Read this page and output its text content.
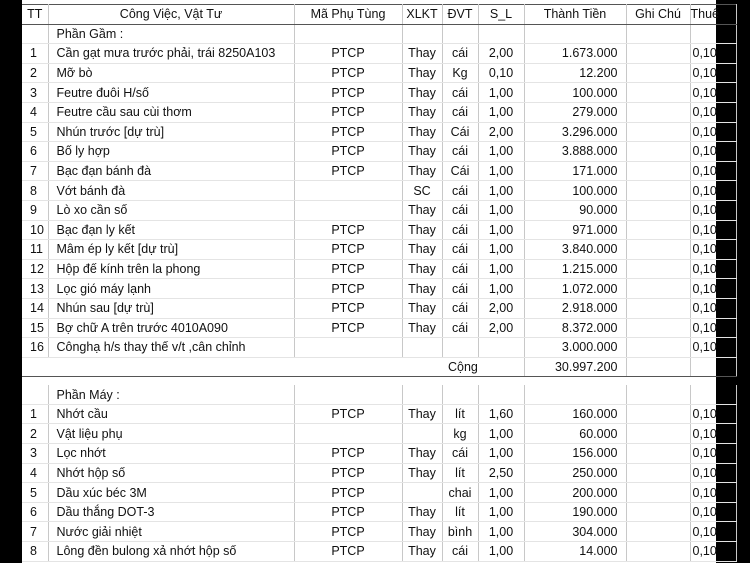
TT	Công Việc, Vật Tư	Mã Phụ Tùng	XLKT	ĐVT	S_L	Thành Tiền	Ghi Chú	Thuế
	Phần Gầm :							
1	Cần gạt mưa trước phải, trái 8250A103	PTCP	Thay	cái	2,00	1.673.000		0,10
2	Mỡ bò	PTCP	Thay	Kg	0,10	12.200		0,10
3	Feutre đuôi H/số	PTCP	Thay	cái	1,00	100.000		0,10
4	Feutre cầu sau cùi thơm	PTCP	Thay	cái	1,00	279.000		0,10
5	Nhún trước [dự trù]	PTCP	Thay	Cái	2,00	3.296.000		0,10
6	Bố ly hợp	PTCP	Thay	cái	1,00	3.888.000		0,10
7	Bạc đạn bánh đà	PTCP	Thay	Cái	1,00	171.000		0,10
8	Vớt bánh đà		SC	cái	1,00	100.000		0,10
9	Lò xo cần số		Thay	cái	1,00	90.000		0,10
10	Bạc đạn ly kết	PTCP	Thay	cái	1,00	971.000		0,10
11	Mâm ép ly kết [dự trù]	PTCP	Thay	cái	1,00	3.840.000		0,10
12	Hộp đế kính trên la phong	PTCP	Thay	cái	1,00	1.215.000		0,10
13	Lọc gió máy lạnh	PTCP	Thay	cái	1,00	1.072.000		0,10
14	Nhún sau [dự trù]	PTCP	Thay	cái	2,00	2.918.000		0,10
15	Bợ chữ A trên trước 4010A090	PTCP	Thay	cái	2,00	8.372.000		0,10
16	Cônghạ h/s thay thế v/t ,cân chỉnh					3.000.000		0,10
				Cộng		30.997.200		

	Phần Máy :							
1	Nhớt cầu	PTCP	Thay	lít	1,60	160.000		0,10
2	Vật liệu phụ			kg	1,00	60.000		0,10
3	Lọc nhớt	PTCP	Thay	cái	1,00	156.000		0,10
4	Nhớt hộp số	PTCP	Thay	lít	2,50	250.000		0,10
5	Dầu xúc béc 3M	PTCP		chai	1,00	200.000		0,10
6	Dầu thắng DOT-3	PTCP	Thay	lít	1,00	190.000		0,10
7	Nước giải nhiệt	PTCP	Thay	bình	1,00	304.000		0,10
8	Lông đền bulong xả nhớt hộp số	PTCP	Thay	cái	1,00	14.000		0,10
